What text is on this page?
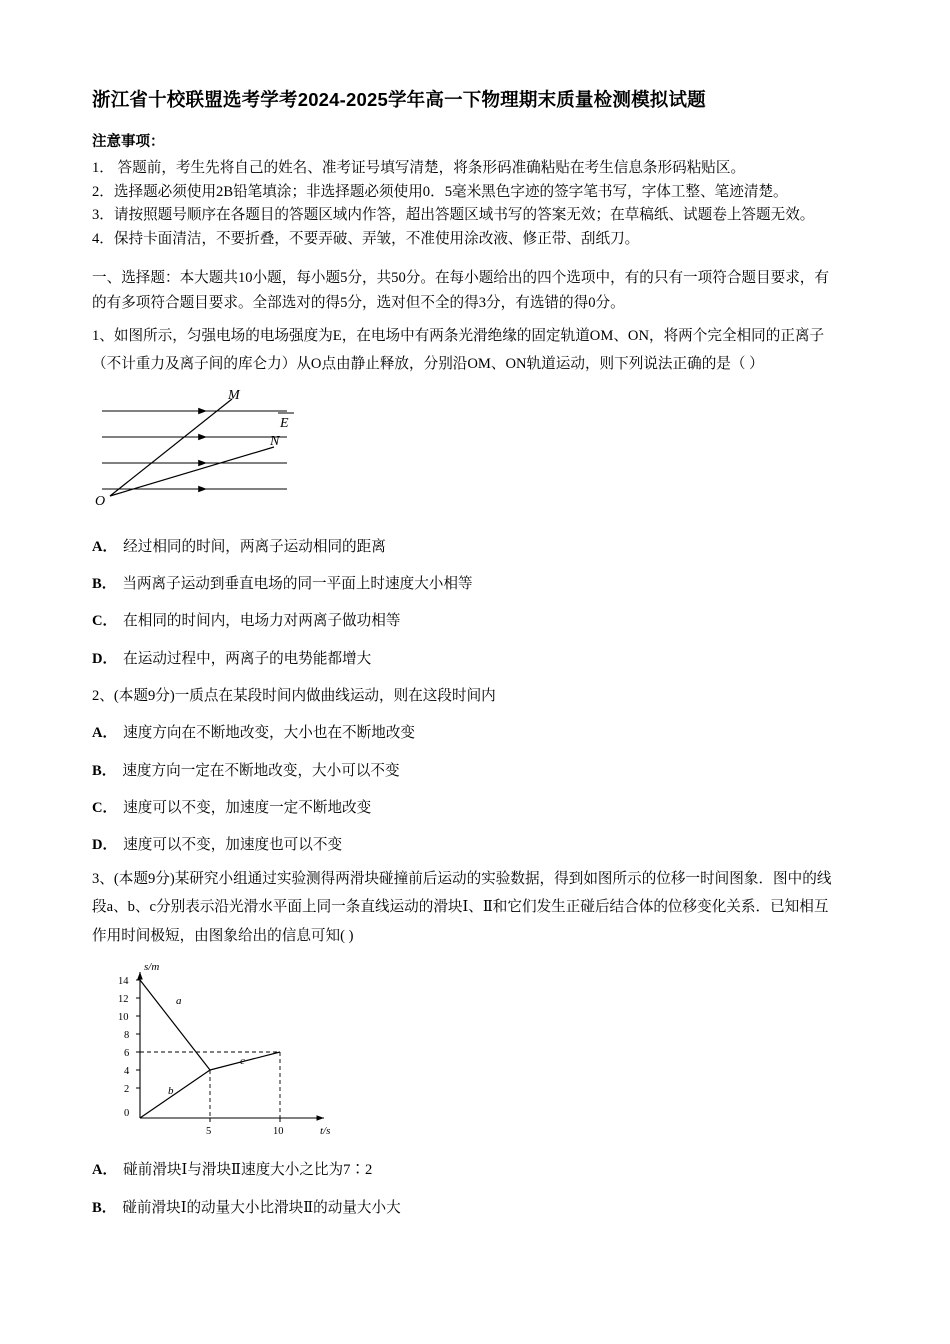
浙江省十校联盟选考学考2024-2025学年高一下物理期末质量检测模拟试题
注意事项：

1． 答题前，考生先将自己的姓名、准考证号填写清楚，将条形码准确粘贴在考生信息条形码粘贴区。

2．选择题必须使用2B铅笔填涂；非选择题必须使用0．5毫米黑色字迹的签字笔书写，字体工整、笔迹清楚。

3．请按照题号顺序在各题目的答题区域内作答，超出答题区域书写的答案无效；在草稿纸、试题卷上答题无效。

4．保持卡面清洁，不要折叠，不要弄破、弄皱，不准使用涂改液、修正带、刮纸刀。

一、选择题：本大题共10小题，每小题5分，共50分。在每小题给出的四个选项中，有的只有一项符合题目要求，有

的有多项符合题目要求。全部选对的得5分，选对但不全的得3分，有选错的得0分。

1、如图所示，匀强电场的电场强度为E，在电场中有两条光滑绝缘的固定轨道OM、ON，将两个完全相同的正离子

（不计重力及离子间的库仑力）从O点由静止释放，分别沿OM、ON轨道运动，则下列说法正确的是（ ）

M
N
O
E

A． 经过相同的时间，两离子运动相同的距离

B． 当两离子运动到垂直电场的同一平面上时速度大小相等

C． 在相同的时间内，电场力对两离子做功相等

D． 在运动过程中，两离子的电势能都增大

2、(本题9分)一质点在某段时间内做曲线运动，则在这段时间内

A． 速度方向在不断地改变，大小也在不断地改变

B． 速度方向一定在不断地改变，大小可以不变

C． 速度可以不变，加速度一定不断地改变

D． 速度可以不变，加速度也可以不变

3、(本题9分)某研究小组通过实验测得两滑块碰撞前后运动的实验数据，得到如图所示的位移一时间图象．图中的线

段a、b、c分别表示沿光滑水平面上同一条直线运动的滑块Ⅰ、Ⅱ和它们发生正碰后结合体的位移变化关系．已知相互

作用时间极短，由图象给出的信息可知( )

14
12
10
8
6
4
2
0
5	10
s/m
t/s
a
b
c

A． 碰前滑块Ⅰ与滑块Ⅱ速度大小之比为7∶2

B． 碰前滑块Ⅰ的动量大小比滑块Ⅱ的动量大小大
